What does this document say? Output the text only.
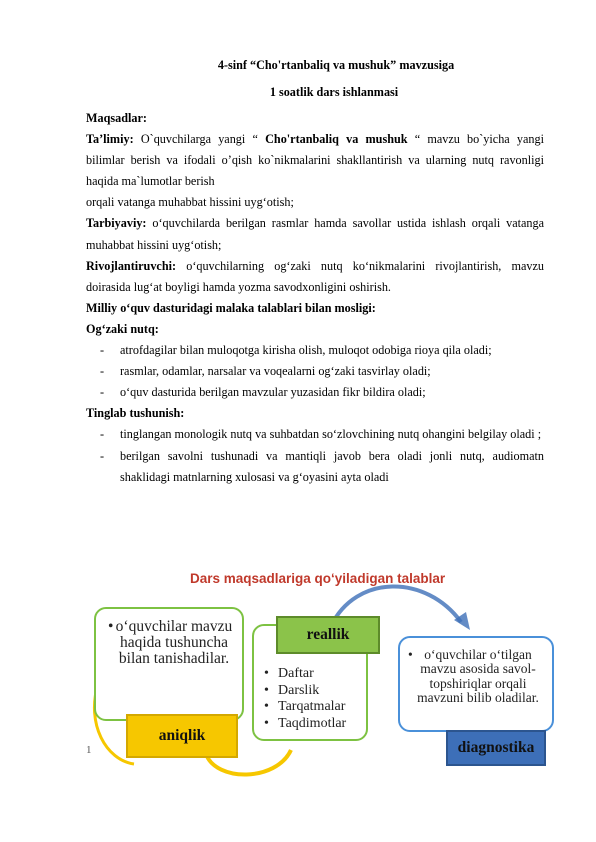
4-sinf “Cho'rtanbaliq va mushuk” mavzusiga
1 soatlik dars ishlanmasi

Maqsadlar:

Ta’limiy: O`quvchilarga yangi “ Cho'rtanbaliq va mushuk “ mavzu bo`yicha yangi bilimlar berish va ifodali o’qish ko`nikmalarini shakllantirish va ularning nutq ravonligi haqida ma`lumotlar berish

orqali vatanga muhabbat hissini uyg‘otish;

Tarbiyaviy: o‘quvchilarda berilgan rasmlar hamda savollar ustida ishlash orqali vatanga muhabbat hissini uyg‘otish;

Rivojlantiruvchi: o‘quvchilarning og‘zaki nutq ko‘nikmalarini rivojlantirish, mavzu doirasida lug‘at boyligi hamda yozma savodxonligini oshirish.

Milliy o‘quv dasturidagi malaka talablari bilan mosligi:

Og‘zaki nutq:

- atrofdagilar bilan muloqotga kirisha olish, muloqot odobiga rioya qila oladi;
- rasmlar, odamlar, narsalar va voqealarni og‘zaki tasvirlay oladi;
- o‘quv dasturida berilgan mavzular yuzasidan fikr bildira oladi;

Tinglab tushunish:

- tinglangan monologik nutq va suhbatdan so‘zlovchining nutq ohangini belgilay oladi ;
- berilgan savolni tushunadi va mantiqli javob bera oladi jonli nutq, audiomatn shaklidagi matnlarning xulosasi va g‘oyasini ayta oladi
Dars maqsadlariga qo‘yiladigan talablar
• o‘quvchilar mavzu haqida tushuncha bilan tanishadilar.
• Daftar
• Darslik
• Tarqatmalar
• Taqdimotlar
• o‘quvchilar o‘tilgan mavzu asosida savol-topshiriqlar orqali mavzuni bilib oladilar.
reallik
aniqlik
diagnostika
1
